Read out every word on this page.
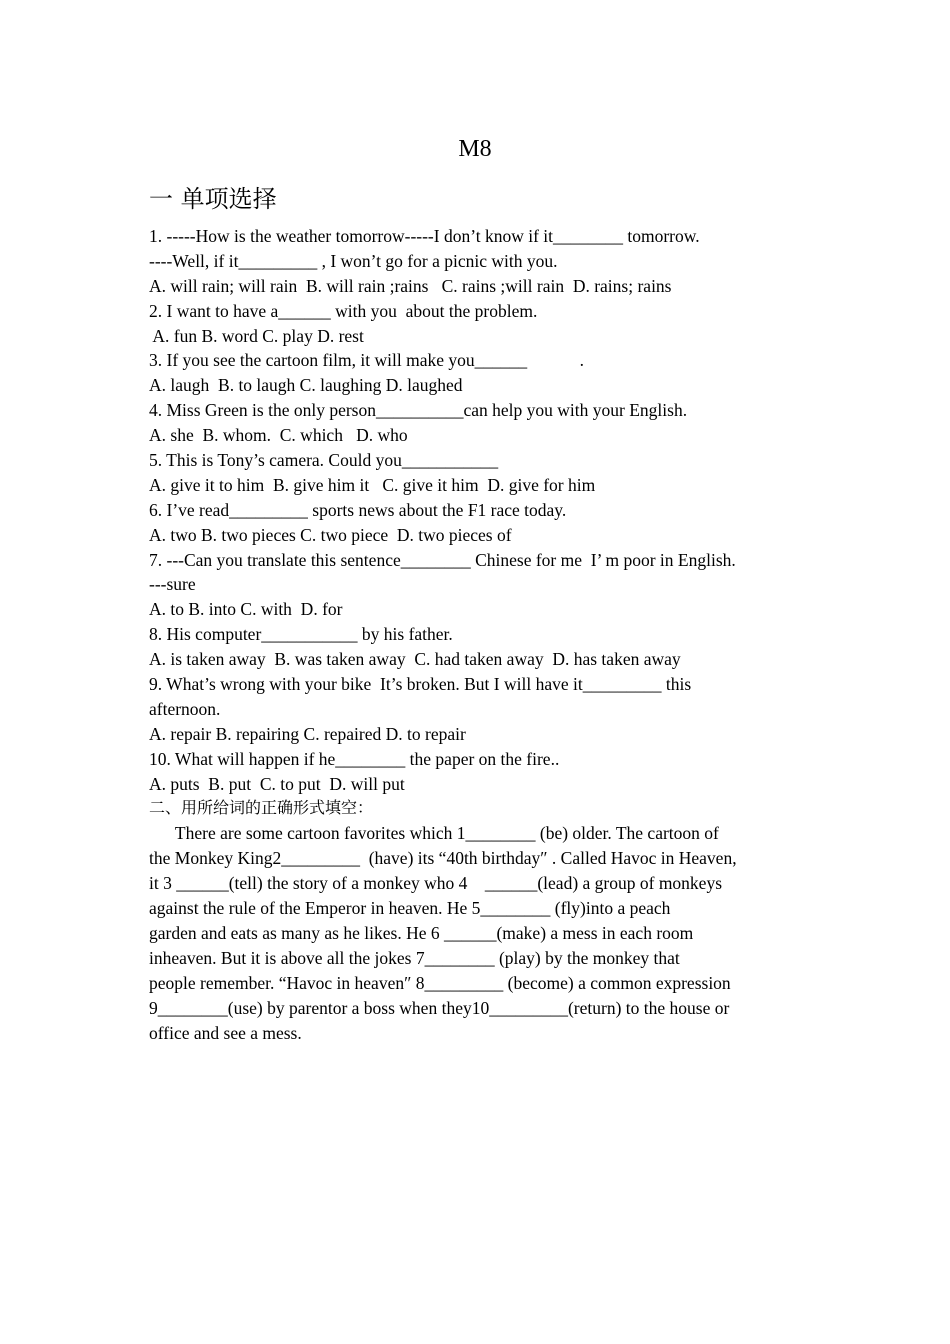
M8
一 单项选择
1. -----How is the weather tomorrow-----I don’t know if it________ tomorrow.
----Well, if it_________ , I won’t go for a picnic with you.
A. will rain; will rain  B. will rain ;rains   C. rains ;will rain  D. rains; rains
2. I want to have a______ with you  about the problem.
A. fun B. word C. play D. rest
3. If you see the cartoon film, it will make you______            .
A. laugh  B. to laugh C. laughing D. laughed
4. Miss Green is the only person__________can help you with your English.
A. she  B. whom.  C. which   D. who
5. This is Tony’s camera. Could you___________
A. give it to him  B. give him it   C. give it him  D. give for him
6. I’ve read_________ sports news about the F1 race today.
A. two B. two pieces C. two piece  D. two pieces of
7. ---Can you translate this sentence________ Chinese for me  I’ m poor in English.
---sure
A. to B. into C. with  D. for
8. His computer___________ by his father.
A. is taken away  B. was taken away  C. had taken away  D. has taken away
9. What’s wrong with your bike  It’s broken. But I will have it_________ this
afternoon.
A. repair B. repairing C. repaired D. to repair
10. What will happen if he________ the paper on the fire..
A. puts  B. put  C. to put  D. will put
二、用所给词的正确形式填空：
There are some cartoon favorites which 1________ (be) older. The cartoon of
the Monkey King2_________  (have) its “40th birthday″ . Called Havoc in Heaven,
it 3 ______(tell) the story of a monkey who 4    ______(lead) a group of monkeys
against the rule of the Emperor in heaven. He 5________ (fly)into a peach
garden and eats as many as he likes. He 6 ______(make) a mess in each room
inheaven. But it is above all the jokes 7________ (play) by the monkey that
people remember. “Havoc in heaven″ 8_________ (become) a common expression
9________(use) by parentor a boss when they10_________(return) to the house or
office and see a mess.
